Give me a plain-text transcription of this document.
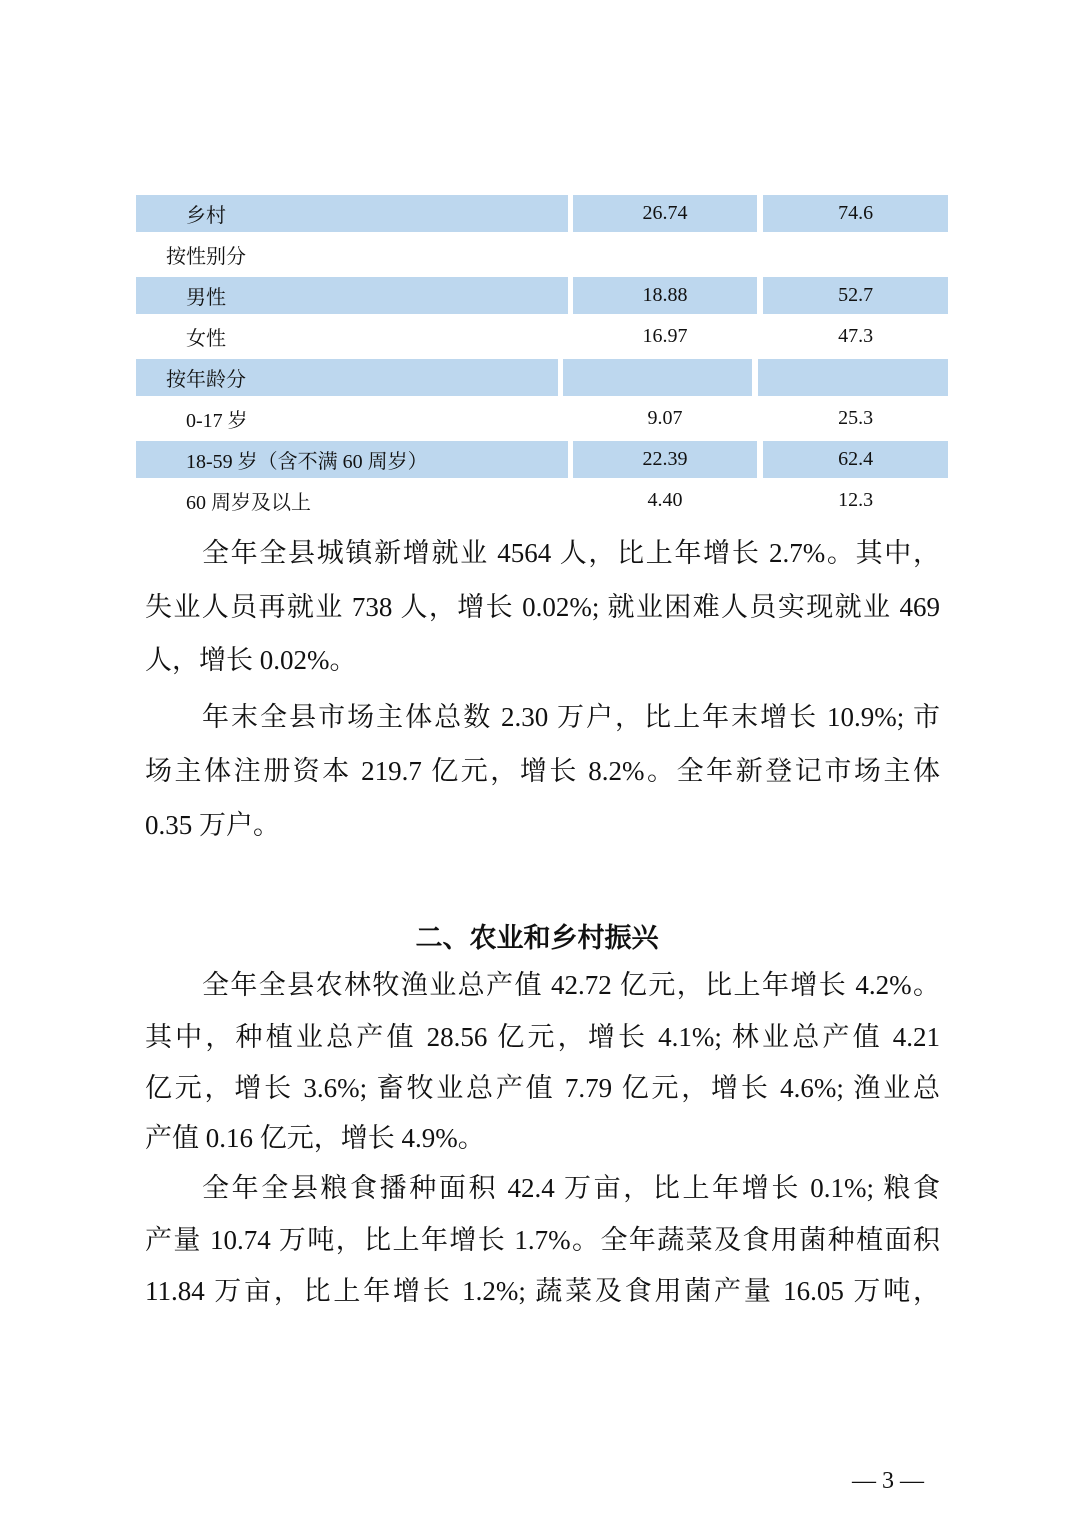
乡村	26.74	74.6
按性别分
男性	18.88	52.7
女性	16.97	47.3
按年龄分
0-17 岁	9.07	25.3
18-59 岁（含不满 60 周岁）	22.39	62.4
60 周岁及以上	4.40	12.3
全年全县城镇新增就业 4564 人，比上年增长 2.7%。其中，
失业人员再就业 738 人，增长 0.02%; 就业困难人员实现就业 469
人，增长 0.02%。
年末全县市场主体总数 2.30 万户，比上年末增长 10.9%; 市
场主体注册资本 219.7 亿元，增长 8.2%。全年新登记市场主体
0.35 万户。
全年全县农林牧渔业总产值 42.72 亿元，比上年增长 4.2%。
其中，种植业总产值 28.56 亿元，增长 4.1%; 林业总产值 4.21
亿元，增长 3.6%; 畜牧业总产值 7.79 亿元，增长 4.6%; 渔业总
产值 0.16 亿元，增长 4.9%。
全年全县粮食播种面积 42.4 万亩，比上年增长 0.1%; 粮食
产量 10.74 万吨，比上年增长 1.7%。全年蔬菜及食用菌种植面积
11.84 万亩，比上年增长 1.2%; 蔬菜及食用菌产量 16.05 万吨，
二、农业和乡村振兴
— 3 —
